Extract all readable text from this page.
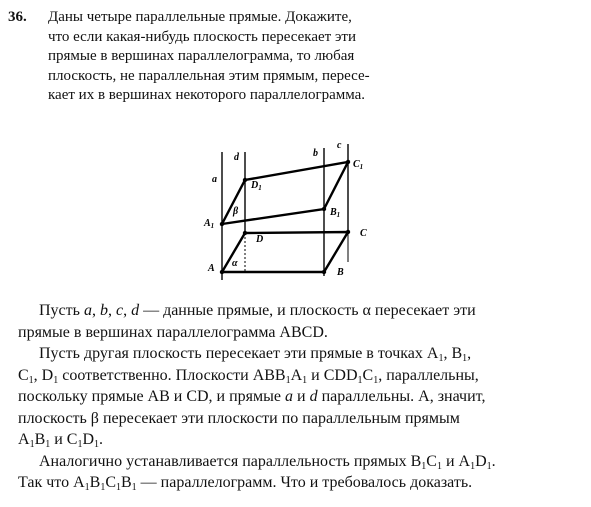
36. Даны четыре параллельные прямые. Докажите,
что если какая-нибудь плоскость пересекает эти
прямые в вершинах параллелограмма, то любая
плоскость, не параллельная этим прямым, пересе-
кает их в вершинах некоторого параллелограмма.
d
a
b
c
$D_1$
$A_1$
$B_1$
$C_1$
β
D
C
α
A	B
Пусть a, b, c, d — данные прямые, и плоскость α пересекает эти
прямые в вершинах параллелограмма ABCD.
Пусть другая плоскость пересекает эти прямые в точках $A_1$, $B_1$,
$C_1$, $D_1$ соответственно. Плоскости $ABB_1A_1$ и $CDD_1C_1$, параллельны,
поскольку прямые AB и CD, и прямые a и d параллельны. А, значит,
плоскость β пересекает эти плоскости по параллельным прямым
$A_1B_1$ и $C_1D_1$.
Аналогично устанавливается параллельность прямых $B_1C_1$ и $A_1D_1$.
Так что $A_1B_1C_1B_1$ — параллелограмм. Что и требовалось доказать.
